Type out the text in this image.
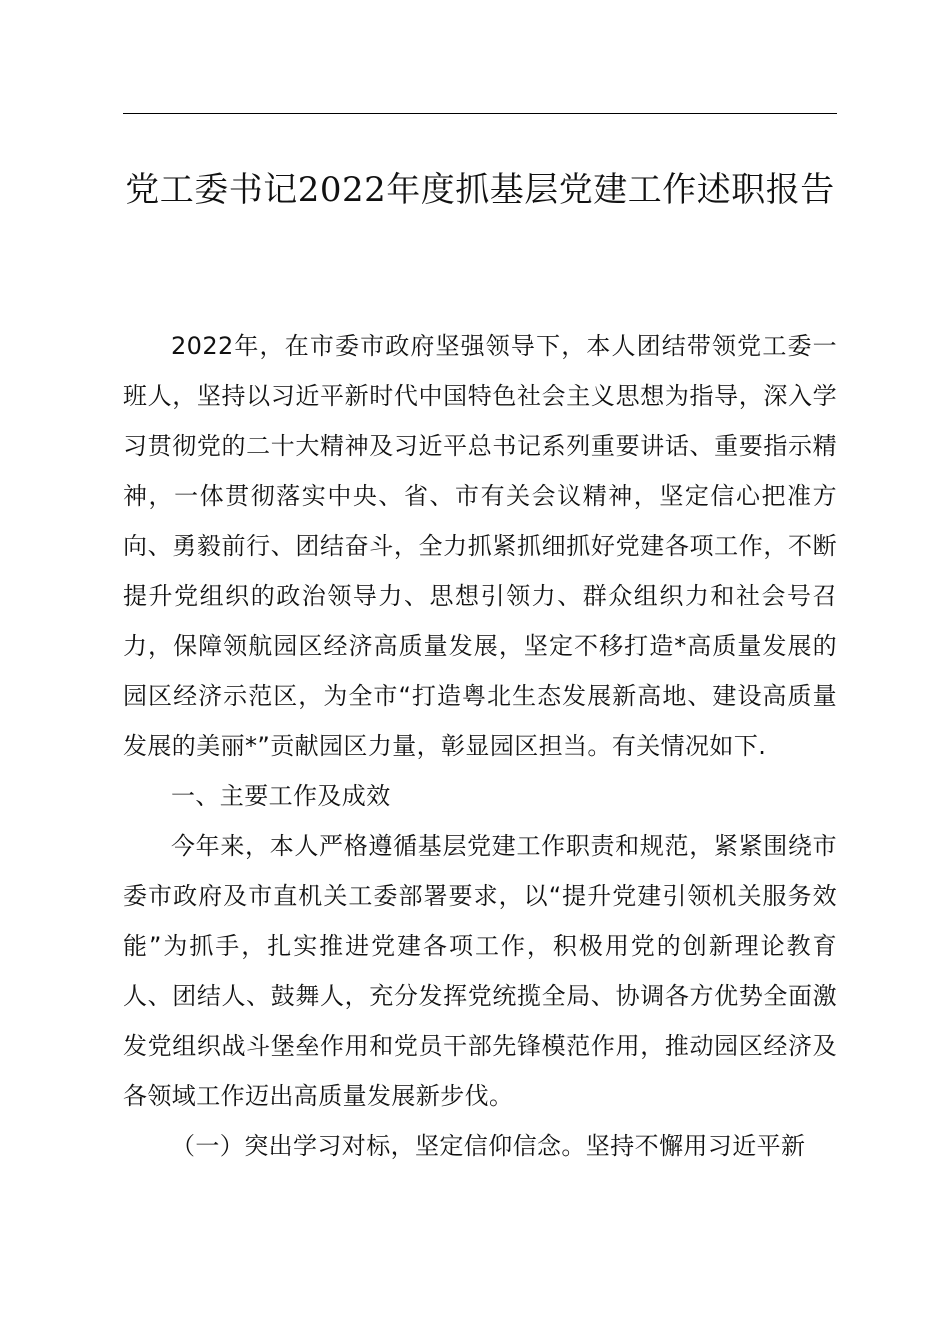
党工委书记2022年度抓基层党建工作述职报告

2022年，在市委市政府坚强领导下，本人团结带领党工委一班人，坚持以习近平新时代中国特色社会主义思想为指导，深入学习贯彻党的二十大精神及习近平总书记系列重要讲话、重要指示精神，一体贯彻落实中央、省、市有关会议精神，坚定信心把准方向、勇毅前行、团结奋斗，全力抓紧抓细抓好党建各项工作，不断提升党组织的政治领导力、思想引领力、群众组织力和社会号召力，保障领航园区经济高质量发展，坚定不移打造*高质量发展的园区经济示范区，为全市“打造粤北生态发展新高地、建设高质量发展的美丽*”贡献园区力量，彰显园区担当。有关情况如下.

一、主要工作及成效

今年来，本人严格遵循基层党建工作职责和规范，紧紧围绕市委市政府及市直机关工委部署要求，以“提升党建引领机关服务效能”为抓手，扎实推进党建各项工作，积极用党的创新理论教育人、团结人、鼓舞人，充分发挥党统揽全局、协调各方优势全面激发党组织战斗堡垒作用和党员干部先锋模范作用，推动园区经济及各领域工作迈出高质量发展新步伐。

（一）突出学习对标，坚定信仰信念。坚持不懈用习近平新
